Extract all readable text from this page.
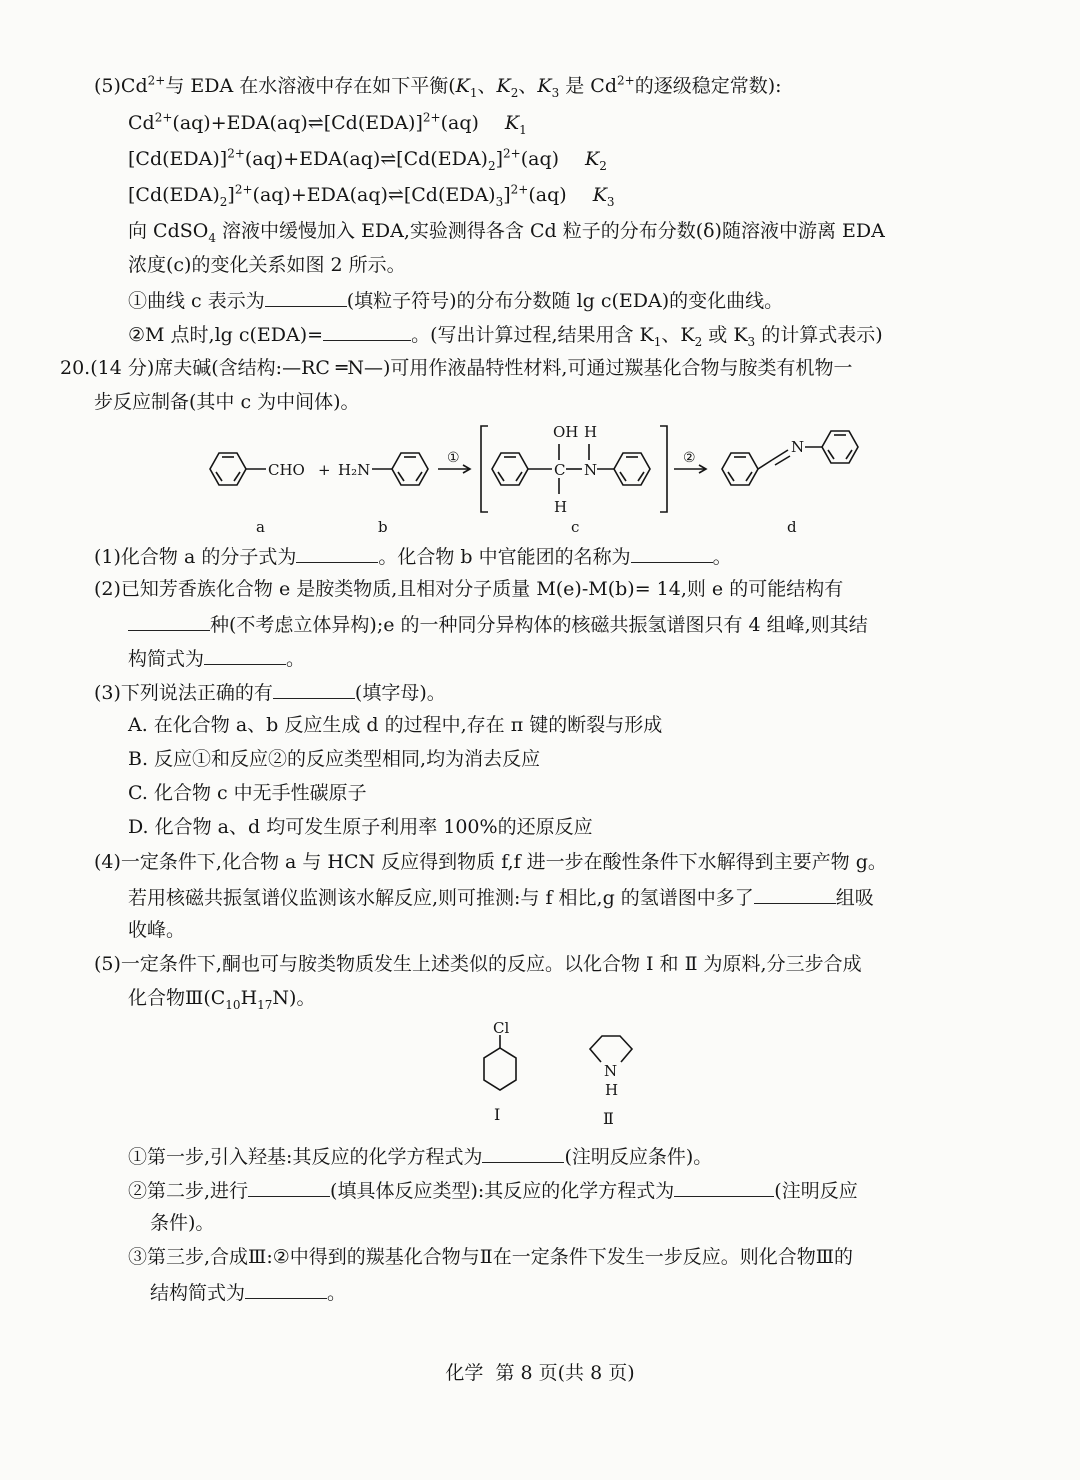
$(5)Cd^{2+}$与 EDA 在水溶液中存在如下平衡($K_1$、$K_2$、$K_3$ 是 $Cd^{2+}$的逐级稳定常数):
$Cd^{2+}(aq)+EDA(aq)\rightleftharpoons[Cd(EDA)]^{2+}(aq)$ $K_1$
$[Cd(EDA)]^{2+}(aq)+EDA(aq)\rightleftharpoons[Cd(EDA)_2]^{2+}(aq)$ $K_2$
$[Cd(EDA)_2]^{2+}(aq)+EDA(aq)\rightleftharpoons[Cd(EDA)_3]^{2+}(aq)$ $K_3$
向 CdSO$_4$ 溶液中缓慢加入 EDA,实验测得各含 Cd 粒子的分布分数(δ)随溶液中游离 EDA
浓度(c)的变化关系如图 2 所示。
①曲线 c 表示为	(填粒子符号)的分布分数随 lg c(EDA)的变化曲线。
②M 点时,lg c(EDA)=	。(写出计算过程,结果用含 $K_1$、$K_2$ 或 $K_3$ 的计算式表示)
20.(14 分)席夫碱(含结构:—RC ═N—)可用作液晶特性材料,可通过羰基化合物与胺类有机物一
步反应制备(其中 c 为中间体)。
CHO + H₂N
①
OH H
C N
H
②
N
a	b	c	d
(1)化合物 a 的分子式为	。化合物 b 中官能团的名称为	。
(2)已知芳香族化合物 e 是胺类物质,且相对分子质量 M(e)-M(b)= 14,则 e 的可能结构有
种(不考虑立体异构);e 的一种同分异构体的核磁共振氢谱图只有 4 组峰,则其结
构简式为	。
(3)下列说法正确的有	(填字母)。
A. 在化合物 a、b 反应生成 d 的过程中,存在 π 键的断裂与形成
B. 反应①和反应②的反应类型相同,均为消去反应
C. 化合物 c 中无手性碳原子
D. 化合物 a、d 均可发生原子利用率 100%的还原反应
(4)一定条件下,化合物 a 与 HCN 反应得到物质 f,f 进一步在酸性条件下水解得到主要产物 g。
若用核磁共振氢谱仪监测该水解反应,则可推测:与 f 相比,g 的氢谱图中多了	组吸
收峰。
(5)一定条件下,酮也可与胺类物质发生上述类似的反应。以化合物 Ⅰ 和 Ⅱ 为原料,分三步合成
化合物$Ⅲ(C_{10}H_{17}N)$。
Cl
N
H
Ⅰ	Ⅱ
①第一步,引入羟基:其反应的化学方程式为	(注明反应条件)。
②第二步,进行	(填具体反应类型):其反应的化学方程式为	(注明反应
条件)。
③第三步,合成Ⅲ:②中得到的羰基化合物与Ⅱ在一定条件下发生一步反应。则化合物Ⅲ的
结构简式为	。
化学  第 8 页(共 8 页)
